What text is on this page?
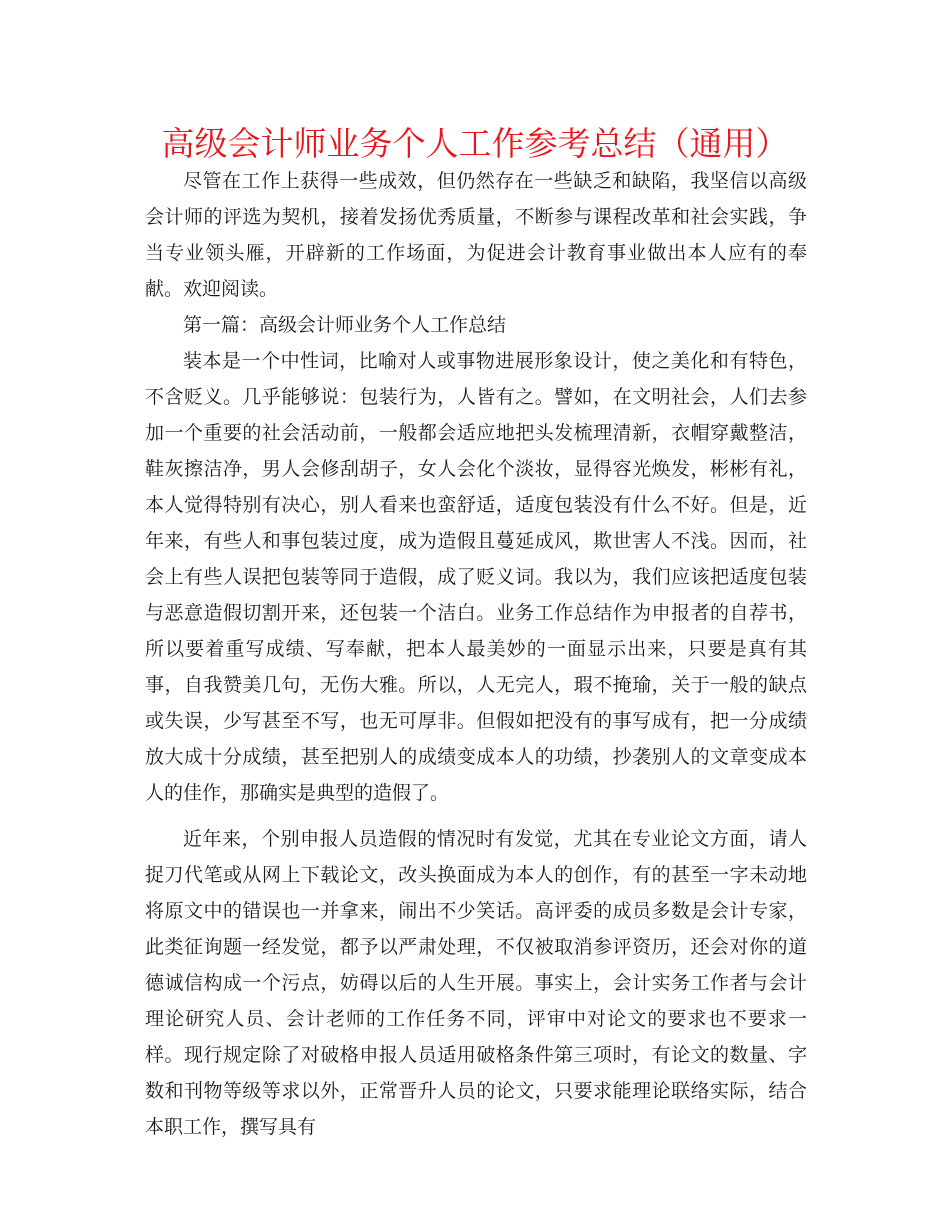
高级会计师业务个人工作参考总结（通用）

尽管在工作上获得一些成效，但仍然存在一些缺乏和缺陷，我坚信以高级会计师的评选为契机，接着发扬优秀质量，不断参与课程改革和社会实践，争当专业领头雁，开辟新的工作场面，为促进会计教育事业做出本人应有的奉献。欢迎阅读。

第一篇：高级会计师业务个人工作总结

装本是一个中性词，比喻对人或事物进展形象设计，使之美化和有特色，不含贬义。几乎能够说：包装行为，人皆有之。譬如，在文明社会，人们去参加一个重要的社会活动前，一般都会适应地把头发梳理清新，衣帽穿戴整洁，鞋灰擦洁净，男人会修刮胡子，女人会化个淡妆，显得容光焕发，彬彬有礼，本人觉得特别有决心，别人看来也蛮舒适，适度包装没有什么不好。但是，近年来，有些人和事包装过度，成为造假且蔓延成风，欺世害人不浅。因而，社会上有些人误把包装等同于造假，成了贬义词。我以为，我们应该把适度包装与恶意造假切割开来，还包装一个洁白。业务工作总结作为申报者的自荐书，所以要着重写成绩、写奉献，把本人最美妙的一面显示出来，只要是真有其事，自我赞美几句，无伤大雅。所以，人无完人，瑕不掩瑜，关于一般的缺点或失误，少写甚至不写，也无可厚非。但假如把没有的事写成有，把一分成绩放大成十分成绩，甚至把别人的成绩变成本人的功绩，抄袭别人的文章变成本人的佳作，那确实是典型的造假了。

近年来，个别申报人员造假的情况时有发觉，尤其在专业论文方面，请人捉刀代笔或从网上下载论文，改头换面成为本人的创作，有的甚至一字未动地将原文中的错误也一并拿来，闹出不少笑话。高评委的成员多数是会计专家，此类征询题一经发觉，都予以严肃处理，不仅被取消参评资历，还会对你的道德诚信构成一个污点，妨碍以后的人生开展。事实上，会计实务工作者与会计理论研究人员、会计老师的工作任务不同，评审中对论文的要求也不要求一样。现行规定除了对破格申报人员适用破格条件第三项时，有论文的数量、字数和刊物等级等求以外，正常晋升人员的论文，只要求能理论联络实际，结合本职工作，撰写具有
